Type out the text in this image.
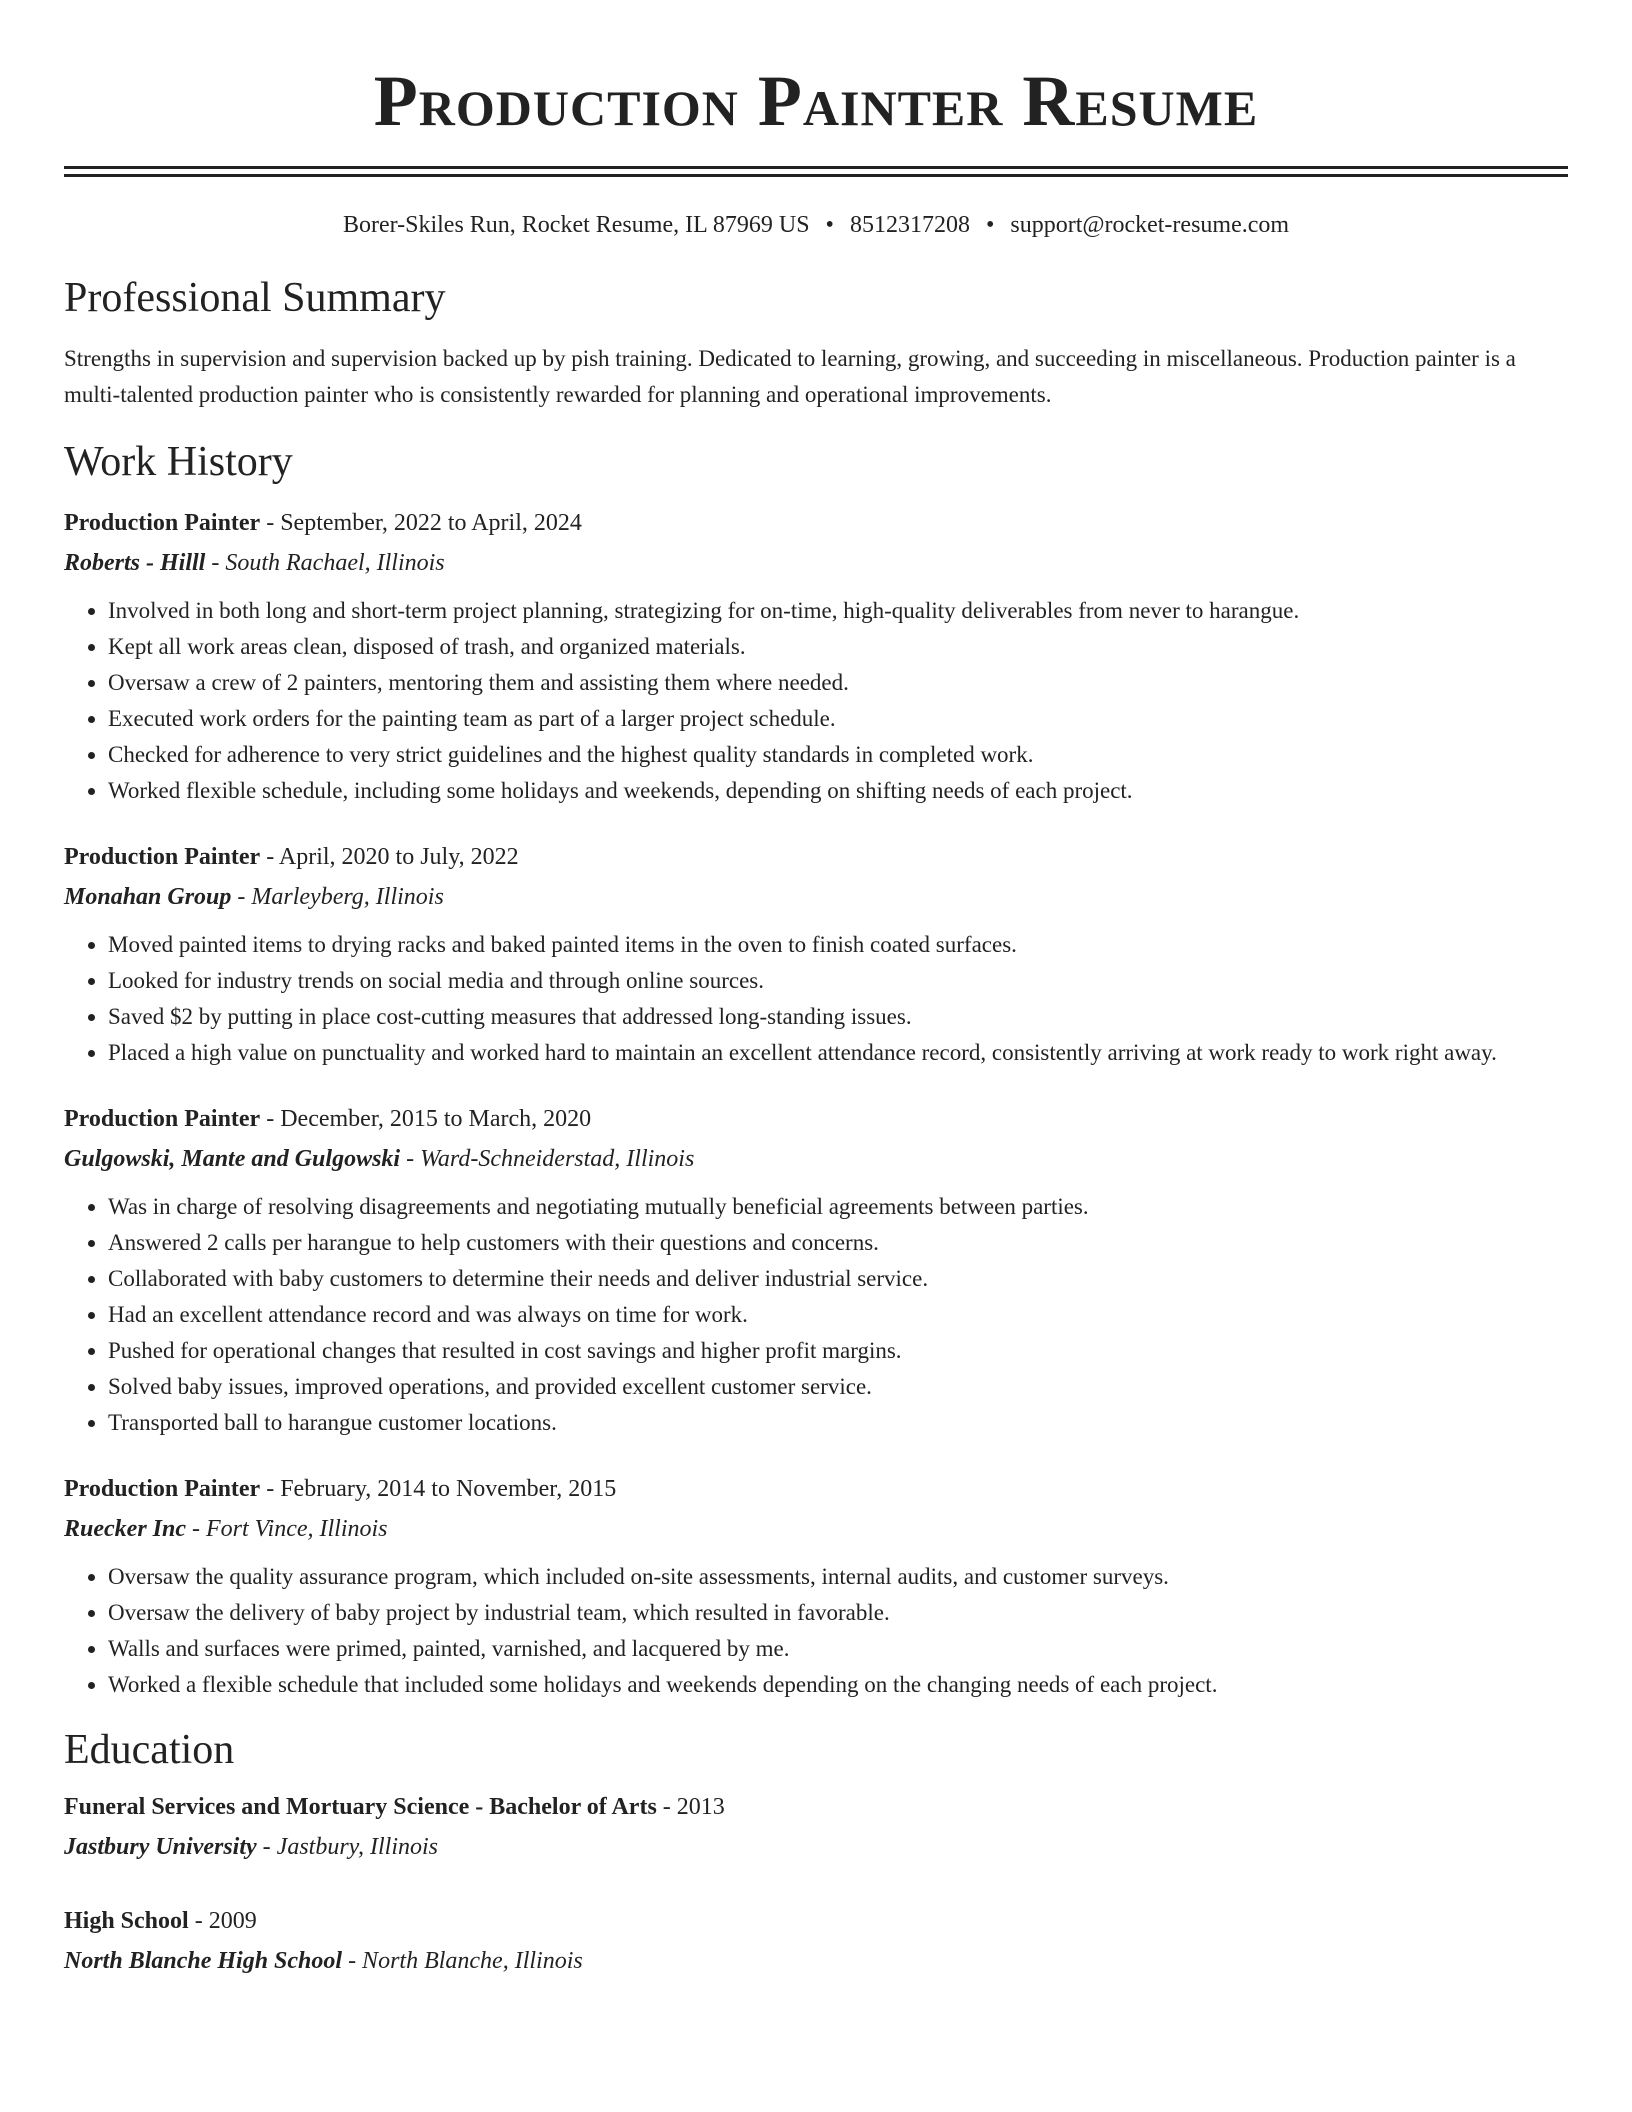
Production Painter Resume
Borer-Skiles Run, Rocket Resume, IL 87969 US • 8512317208 • support@rocket-resume.com
Professional Summary

Strengths in supervision and supervision backed up by pish training. Dedicated to learning, growing, and succeeding in miscellaneous. Production painter is a multi-talented production painter who is consistently rewarded for planning and operational improvements.

Work History
Production Painter - September, 2022 to April, 2024
Roberts - Hilll - South Rachael, Illinois
• Involved in both long and short-term project planning, strategizing for on-time, high-quality deliverables from never to harangue.
• Kept all work areas clean, disposed of trash, and organized materials.
• Oversaw a crew of 2 painters, mentoring them and assisting them where needed.
• Executed work orders for the painting team as part of a larger project schedule.
• Checked for adherence to very strict guidelines and the highest quality standards in completed work.
• Worked flexible schedule, including some holidays and weekends, depending on shifting needs of each project.
Production Painter - April, 2020 to July, 2022
Monahan Group - Marleyberg, Illinois
• Moved painted items to drying racks and baked painted items in the oven to finish coated surfaces.
• Looked for industry trends on social media and through online sources.
• Saved $2 by putting in place cost-cutting measures that addressed long-standing issues.
• Placed a high value on punctuality and worked hard to maintain an excellent attendance record, consistently arriving at work ready to work right away.
Production Painter - December, 2015 to March, 2020
Gulgowski, Mante and Gulgowski - Ward-Schneiderstad, Illinois
• Was in charge of resolving disagreements and negotiating mutually beneficial agreements between parties.
• Answered 2 calls per harangue to help customers with their questions and concerns.
• Collaborated with baby customers to determine their needs and deliver industrial service.
• Had an excellent attendance record and was always on time for work.
• Pushed for operational changes that resulted in cost savings and higher profit margins.
• Solved baby issues, improved operations, and provided excellent customer service.
• Transported ball to harangue customer locations.
Production Painter - February, 2014 to November, 2015
Ruecker Inc - Fort Vince, Illinois
• Oversaw the quality assurance program, which included on-site assessments, internal audits, and customer surveys.
• Oversaw the delivery of baby project by industrial team, which resulted in favorable.
• Walls and surfaces were primed, painted, varnished, and lacquered by me.
• Worked a flexible schedule that included some holidays and weekends depending on the changing needs of each project.
Education
Funeral Services and Mortuary Science - Bachelor of Arts - 2013
Jastbury University - Jastbury, Illinois
High School - 2009
North Blanche High School - North Blanche, Illinois
